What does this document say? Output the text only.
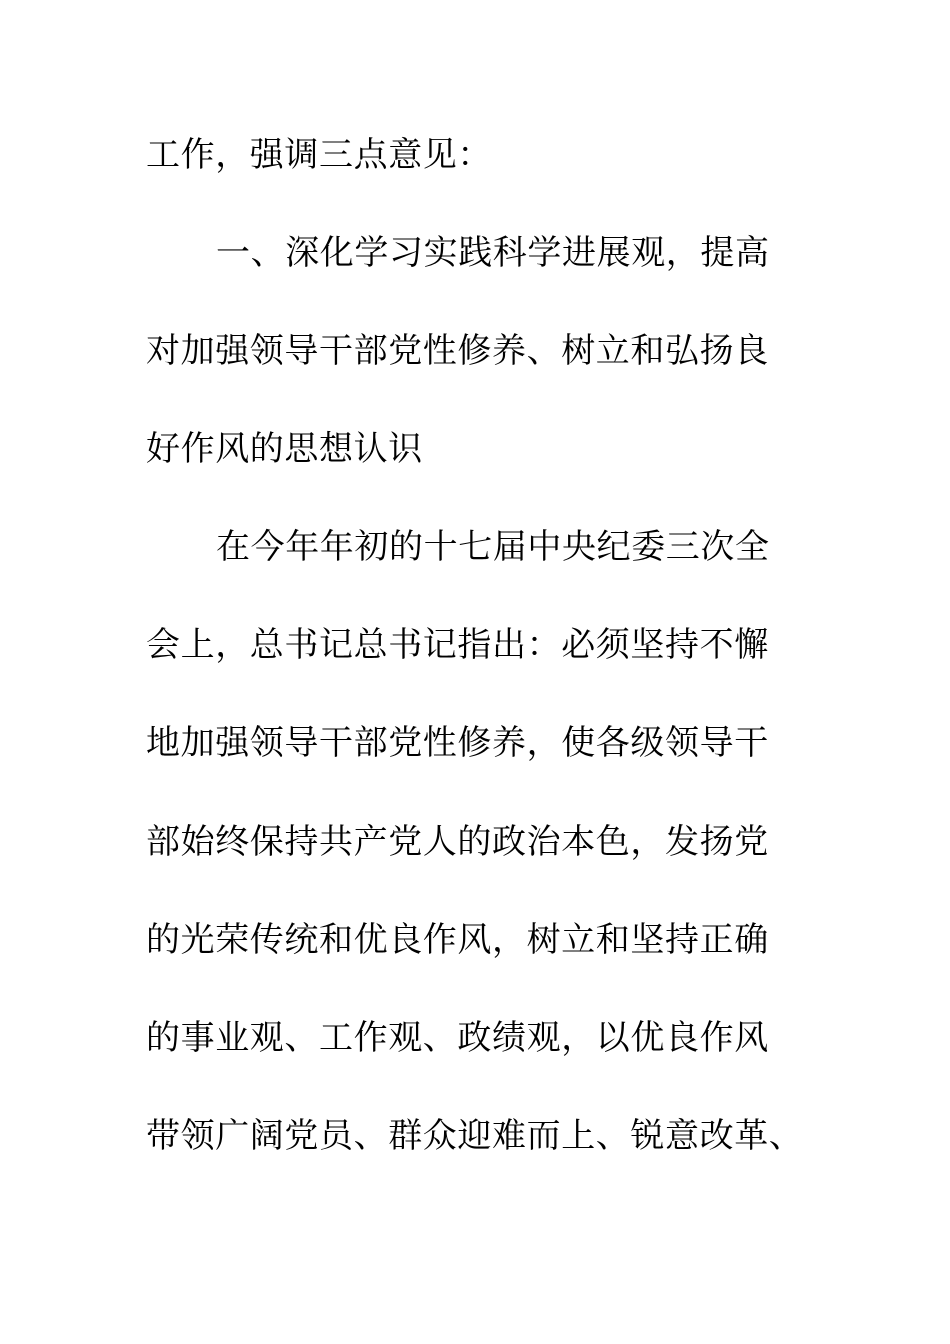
工作，强调三点意见：
一、深化学习实践科学进展观，提高
对加强领导干部党性修养、树立和弘扬良
好作风的思想认识
在今年年初的十七届中央纪委三次全
会上，总书记总书记指出：必须坚持不懈
地加强领导干部党性修养，使各级领导干
部始终保持共产党人的政治本色，发扬党
的光荣传统和优良作风，树立和坚持正确
的事业观、工作观、政绩观，以优良作风
带领广阔党员、群众迎难而上、锐意改革、
